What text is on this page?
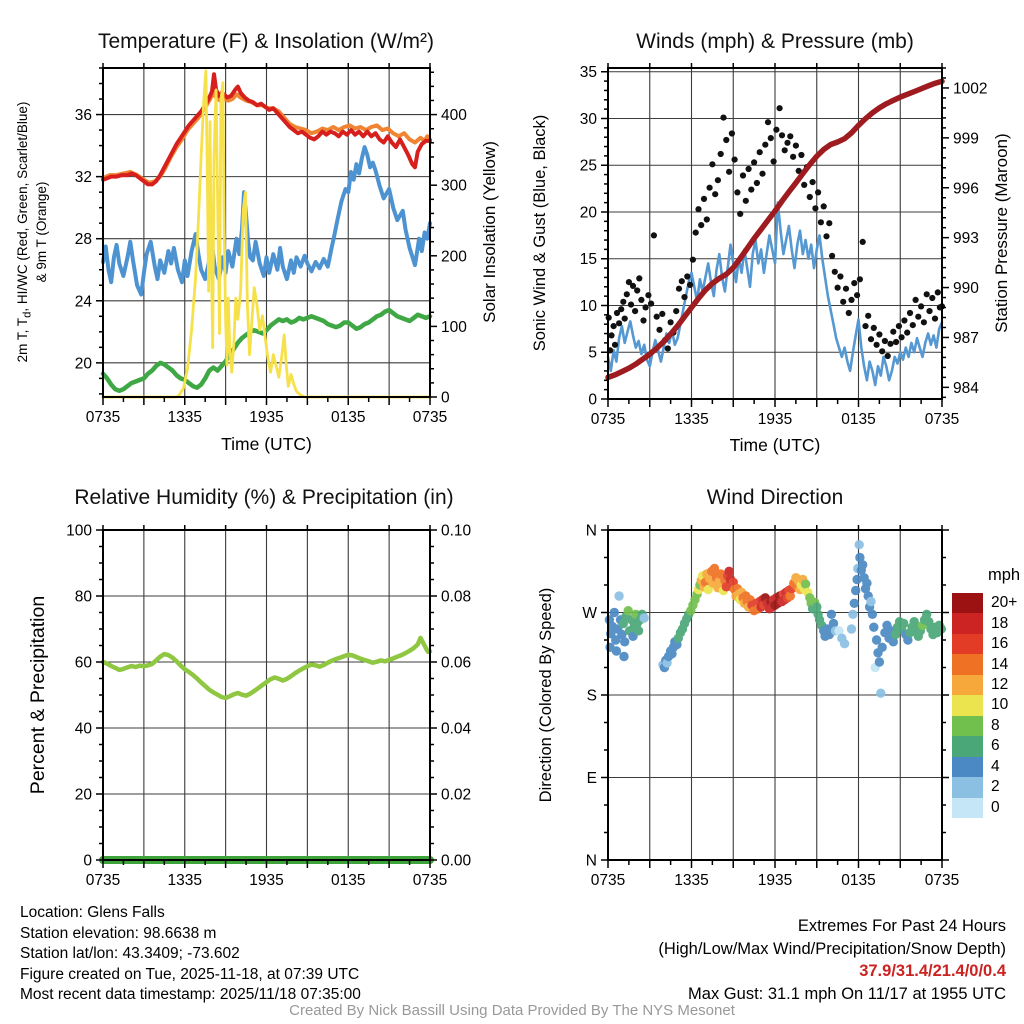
0735	1335	1935	0135	0735
20
24
28
32
36
0
100
200
300
400
0735	1335	1935	0135	0735
0
5
10
15
20
25
30
35
984
987
990
993
996
999
1002
0735	1335	1935	0135	0735
0
20
40
60
80
100
0.00
0.02
0.04
0.06
0.08
0.10
0735	1335	1935	0135	0735
N
E
S
W
N
Temperature (F) & Insolation (W/m²)	Winds (mph) & Pressure (mb)
Relative Humidity (%) & Precipitation (in)	Wind Direction
2m T, $T_d$, HI/WC (Red, Green, Scarlet/Blue) & 9m T (Orange)	Solar Insolation (Yellow) Sonic Wind & Gust (Blue, Black)	Station Pressure (Maroon)
Percent & Precipitation	Direction (Colored By Speed)
Time (UTC)	Time (UTC)
mph
20+
18
16
14
12
10
8
6
4
2
0
Location: Glens Falls
Station elevation: 98.6638 m
Station lat/lon: 43.3409; -73.602
Figure created on Tue, 2025-11-18, at 07:39 UTC
Most recent data timestamp: 2025/11/18 07:35:00
Extremes For Past 24 Hours
(High/Low/Max Wind/Precipitation/Snow Depth)
37.9/31.4/21.4/0/0.4
Max Gust: 31.1 mph On 11/17 at 1955 UTC
Created By Nick Bassill Using Data Provided By The NYS Mesonet
